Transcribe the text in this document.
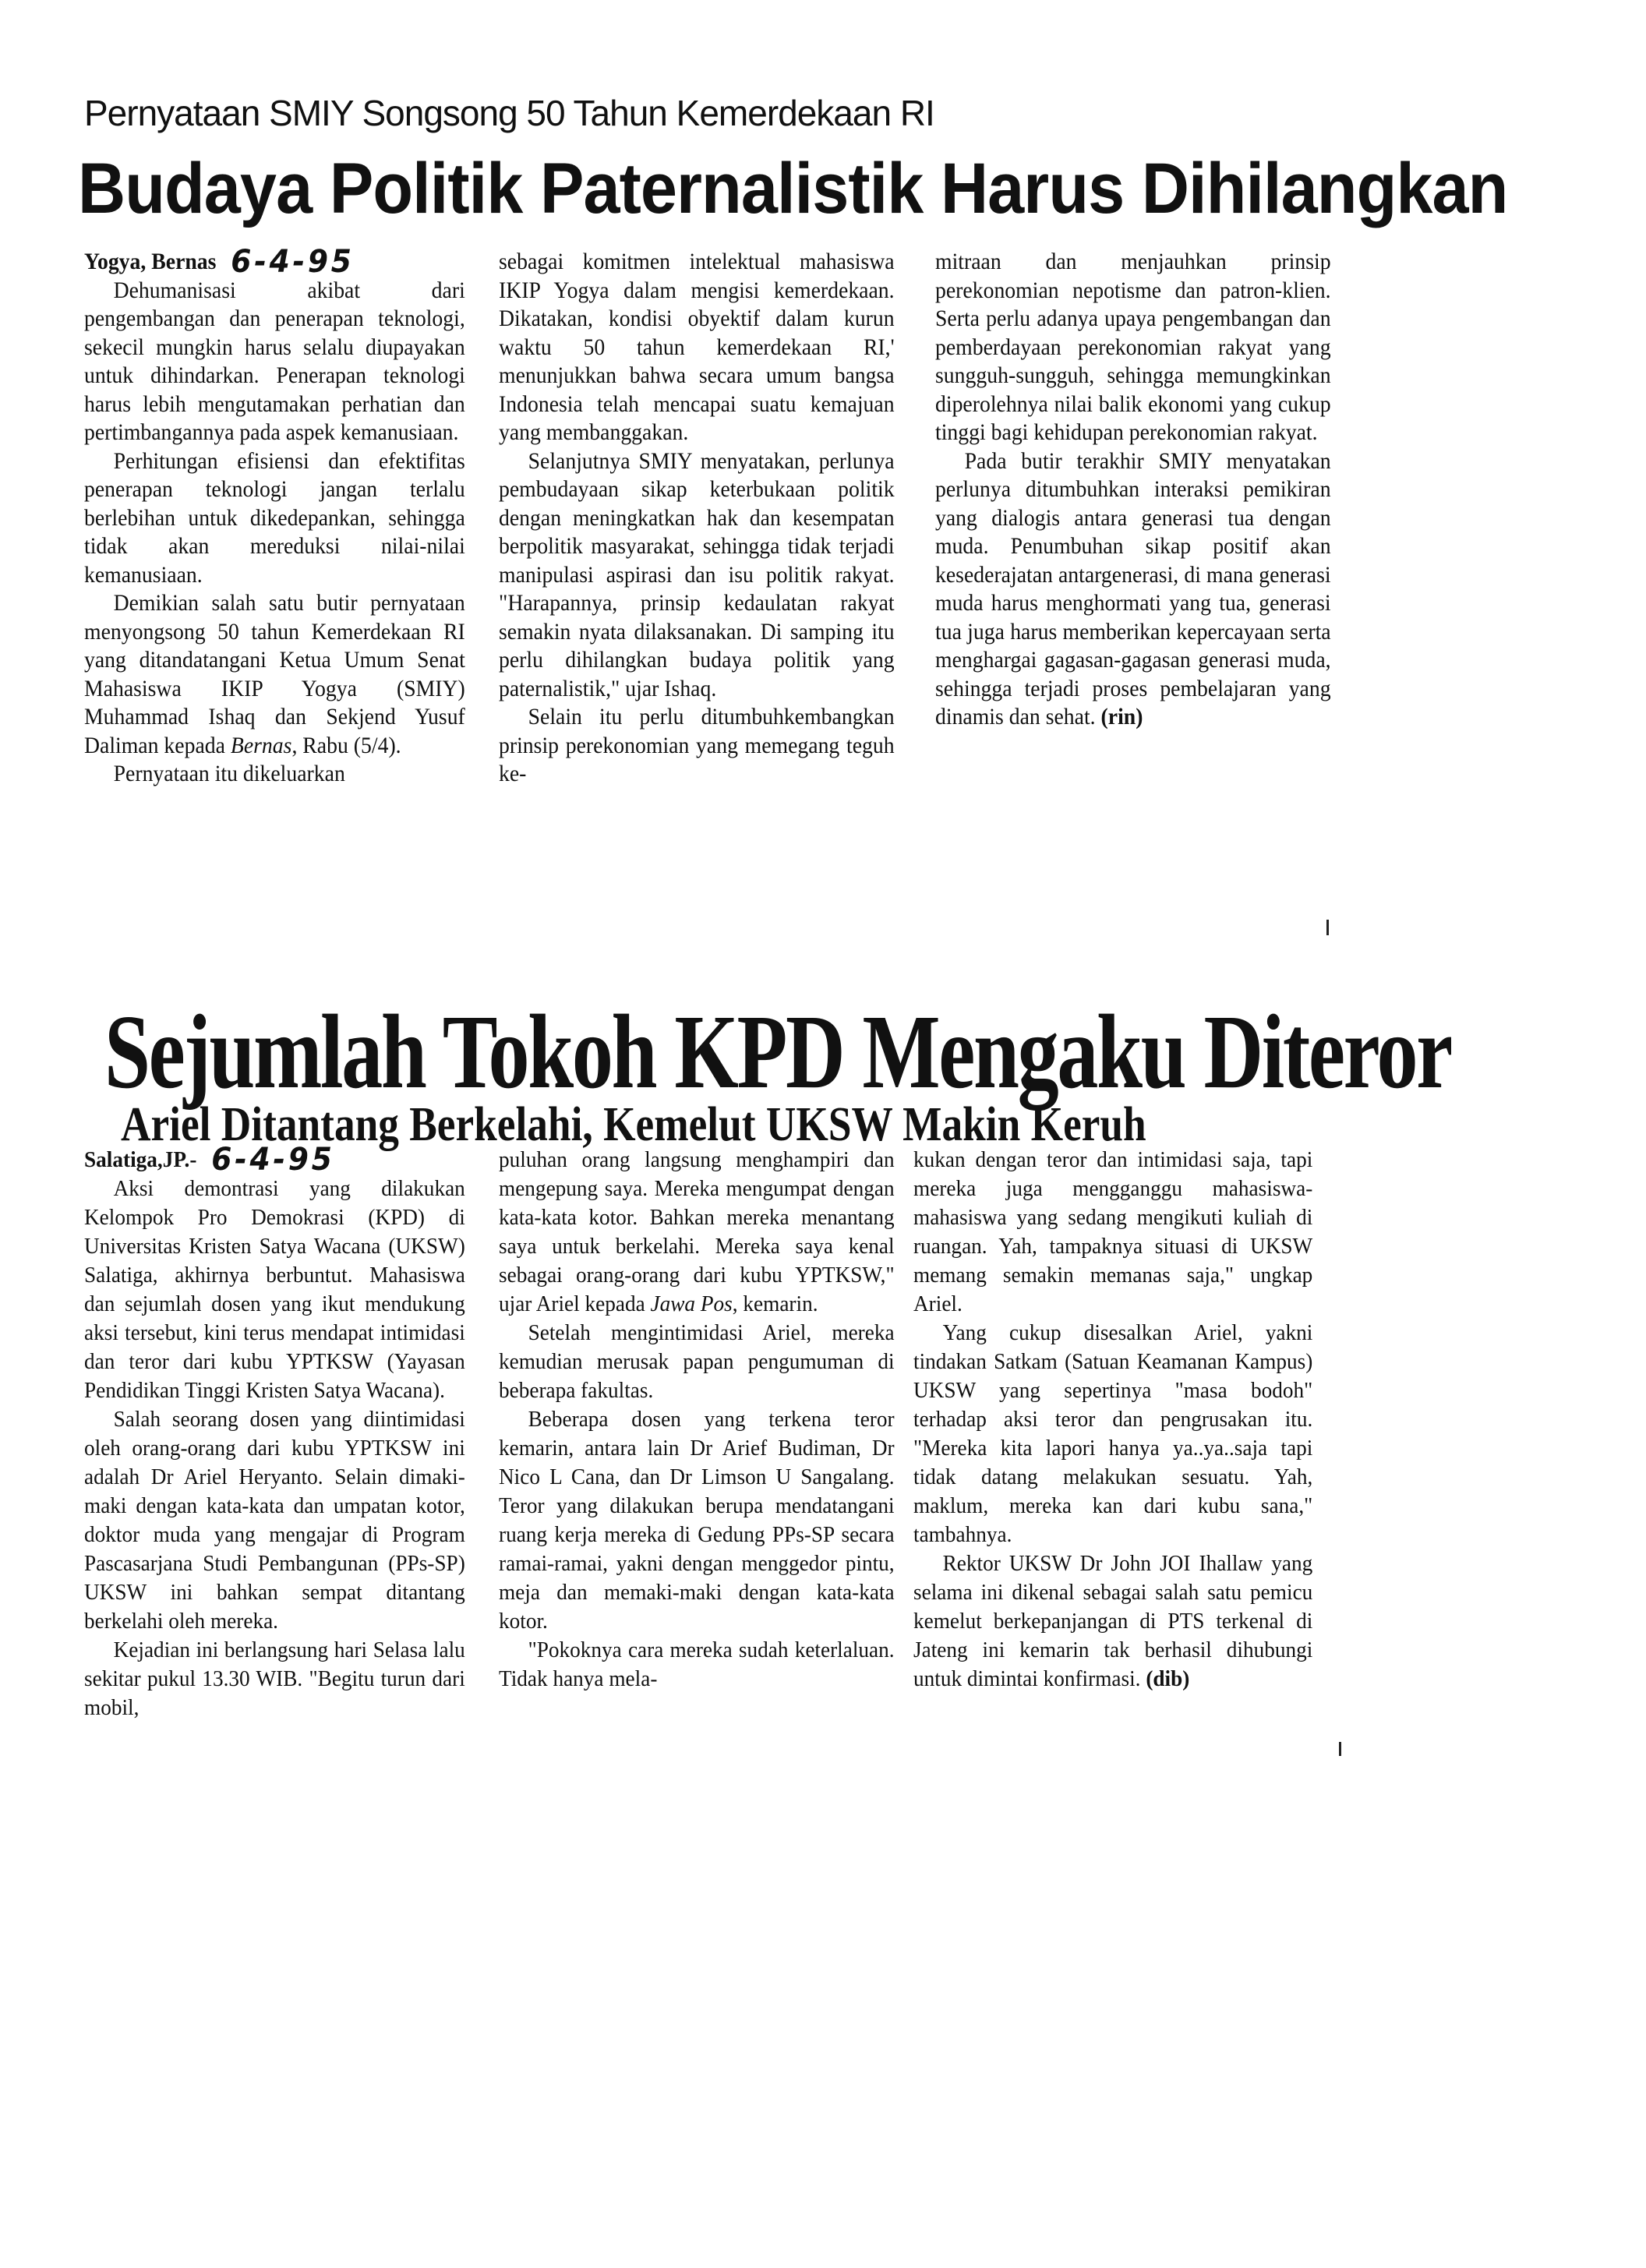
Pernyataan SMIY Songsong 50 Tahun Kemerdekaan RI
Budaya Politik Paternalistik Harus Dihilangkan

Yogya, Bernas 6-4-95

Dehumanisasi akibat dari pengembangan dan penerapan teknologi, sekecil mungkin harus selalu diupayakan untuk dihindarkan. Penerapan teknologi harus lebih mengutamakan perhatian dan pertimbangannya pada aspek kemanusiaan.

Perhitungan efisiensi dan efektifitas penerapan teknologi jangan terlalu berlebihan untuk dikedepankan, sehingga tidak akan mereduksi nilai-nilai kemanusiaan.

Demikian salah satu butir pernyataan menyongsong 50 tahun Kemerdekaan RI yang ditandatangani Ketua Umum Senat Mahasiswa IKIP Yogya (SMIY) Muhammad Ishaq dan Sekjend Yusuf Daliman kepada Bernas, Rabu (5/4).

Pernyataan itu dikeluarkan

sebagai komitmen intelektual mahasiswa IKIP Yogya dalam mengisi kemerdekaan. Dikatakan, kondisi obyektif dalam kurun waktu 50 tahun kemerdekaan RI,' menunjukkan bahwa secara umum bangsa Indonesia telah mencapai suatu kemajuan yang membanggakan.

Selanjutnya SMIY menyatakan, perlunya pembudayaan sikap keterbukaan politik dengan meningkatkan hak dan kesempatan berpolitik masyarakat, sehingga tidak terjadi manipulasi aspirasi dan isu politik rakyat. "Harapannya, prinsip kedaulatan rakyat semakin nyata dilaksanakan. Di samping itu perlu dihilangkan budaya politik yang paternalistik," ujar Ishaq.

Selain itu perlu ditumbuhkembangkan prinsip perekonomian yang memegang teguh ke-

mitraan dan menjauhkan prinsip perekonomian nepotisme dan patron-klien. Serta perlu adanya upaya pengembangan dan pemberdayaan perekonomian rakyat yang sungguh-sungguh, sehingga memungkinkan diperolehnya nilai balik ekonomi yang cukup tinggi bagi kehidupan perekonomian rakyat.

Pada butir terakhir SMIY menyatakan perlunya ditumbuhkan interaksi pemikiran yang dialogis antara generasi tua dengan muda. Penumbuhan sikap positif akan kesederajatan antargenerasi, di mana generasi muda harus menghormati yang tua, generasi tua juga harus memberikan kepercayaan serta menghargai gagasan-gagasan generasi muda, sehingga terjadi proses pembelajaran yang dinamis dan sehat. (rin)

Sejumlah Tokoh KPD Mengaku Diteror
Ariel Ditantang Berkelahi, Kemelut UKSW Makin Keruh

Salatiga,JP.- 6-4-95

Aksi demontrasi yang dilakukan Kelompok Pro Demokrasi (KPD) di Universitas Kristen Satya Wacana (UKSW) Salatiga, akhirnya berbuntut. Mahasiswa dan sejumlah dosen yang ikut mendukung aksi tersebut, kini terus mendapat intimidasi dan teror dari kubu YPTKSW (Yayasan Pendidikan Tinggi Kristen Satya Wacana).

Salah seorang dosen yang diintimidasi oleh orang-orang dari kubu YPTKSW ini adalah Dr Ariel Heryanto. Selain dimaki-maki dengan kata-kata dan umpatan kotor, doktor muda yang mengajar di Program Pascasarjana Studi Pembangunan (PPs-SP) UKSW ini bahkan sempat ditantang berkelahi oleh mereka.

Kejadian ini berlangsung hari Selasa lalu sekitar pukul 13.30 WIB. "Begitu turun dari mobil,

puluhan orang langsung menghampiri dan mengepung saya. Mereka mengumpat dengan kata-kata kotor. Bahkan mereka menantang saya untuk berkelahi. Mereka saya kenal sebagai orang-orang dari kubu YPTKSW," ujar Ariel kepada Jawa Pos, kemarin.

Setelah mengintimidasi Ariel, mereka kemudian merusak papan pengumuman di beberapa fakultas.

Beberapa dosen yang terkena teror kemarin, antara lain Dr Arief Budiman, Dr Nico L Cana, dan Dr Limson U Sangalang. Teror yang dilakukan berupa mendatangani ruang kerja mereka di Gedung PPs-SP secara ramai-ramai, yakni dengan menggedor pintu, meja dan memaki-maki dengan kata-kata kotor.

"Pokoknya cara mereka sudah keterlaluan. Tidak hanya mela-

kukan dengan teror dan intimidasi saja, tapi mereka juga mengganggu mahasiswa-mahasiswa yang sedang mengikuti kuliah di ruangan. Yah, tampaknya situasi di UKSW memang semakin memanas saja," ungkap Ariel.

Yang cukup disesalkan Ariel, yakni tindakan Satkam (Satuan Keamanan Kampus) UKSW yang sepertinya "masa bodoh" terhadap aksi teror dan pengrusakan itu. "Mereka kita lapori hanya ya..ya..saja tapi tidak datang melakukan sesuatu. Yah, maklum, mereka kan dari kubu sana," tambahnya.

Rektor UKSW Dr John JOI Ihallaw yang selama ini dikenal sebagai salah satu pemicu kemelut berkepanjangan di PTS terkenal di Jateng ini kemarin tak berhasil dihubungi untuk dimintai konfirmasi. (dib)
